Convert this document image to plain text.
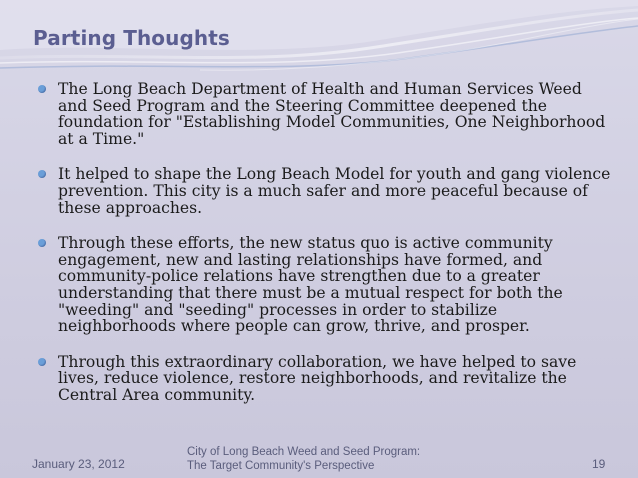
Parting Thoughts
The Long Beach Department of Health and Human Services Weed and Seed Program and the Steering Committee deepened the foundation for "Establishing Model Communities, One Neighborhood at a Time."
It helped to shape the Long Beach Model for youth and gang violence prevention. This city is a much safer and more peaceful because of these approaches.
Through these efforts, the new status quo is active community engagement, new and lasting relationships have formed, and community-police relations have strengthen due to a greater understanding that there must be a mutual respect for both the "weeding" and "seeding" processes in order to stabilize neighborhoods where people can grow, thrive, and prosper.
Through this extraordinary collaboration, we have helped to save lives, reduce violence, restore neighborhoods, and revitalize the Central Area community.
January 23, 2012
City of Long Beach Weed and Seed Program:
The Target Community's Perspective	19
